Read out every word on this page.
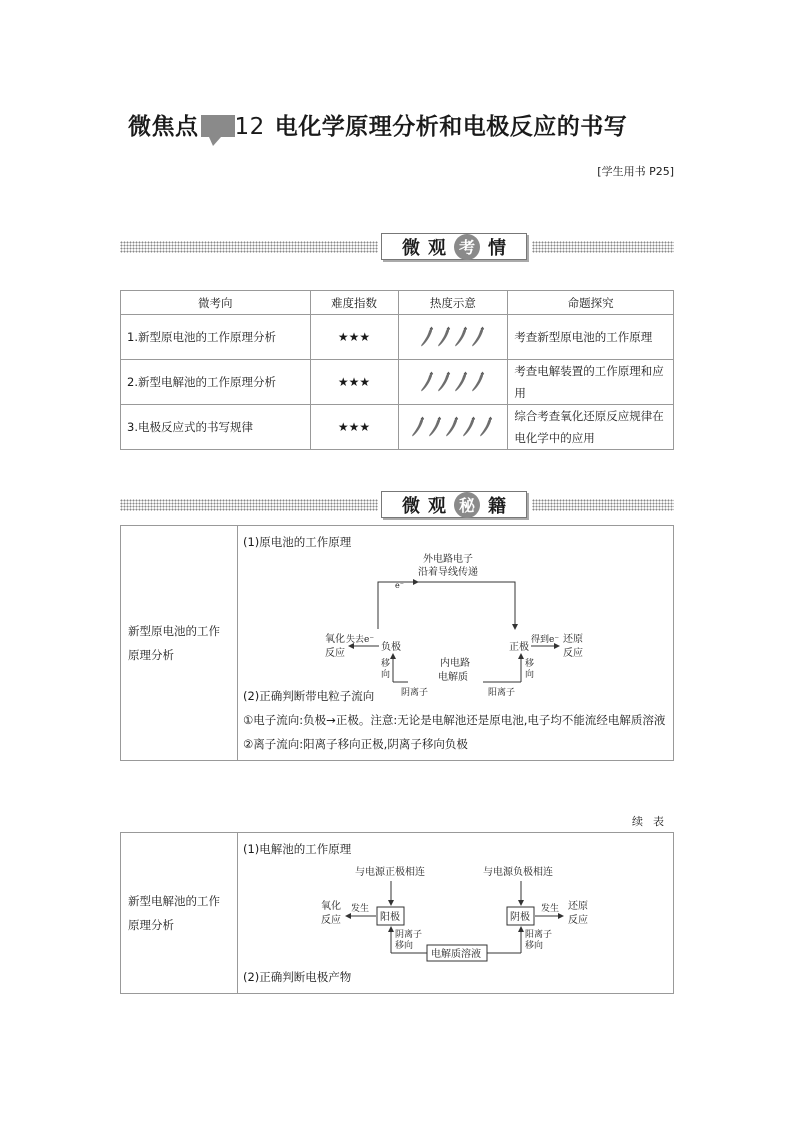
微焦点 12 电化学原理分析和电极反应的书写
[学生用书 P25]
微 观 考 情
微考向	难度指数	热度示意	命题探究
1.新型原电池的工作原理分析	★★★		考查新型原电池的工作原理
2.新型电解池的工作原理分析	★★★		考查电解装置的工作原理和应用
3.电极反应式的书写规律	★★★		综合考查氧化还原反应规律在电化学中的应用
微 观 秘 籍
新型原电池的工作原理分析	
(1)原电池的工作原理
外电路电子
沿着导线传递
e⁻
氧化
反应
失去e⁻
负极	正极
得到e⁻ 还原
反应
移
向
移
向
内电路
电解质
阴离子	阳离子
(2)正确判断带电粒子流向
①电子流向:负极→正极。注意:无论是电解池还是原电池,电子均不能流经电解质溶液
②离子流向:阳离子移向正极,阴离子移向负极
续表
新型电解池的工作原理分析	
(1)电解池的工作原理
与电源正极相连	与电源负极相连
氧化
反应
发生
阳极	阴极
发生 还原
反应
阴离子
移向
阳离子
移向
电解质溶液
(2)正确判断电极产物
